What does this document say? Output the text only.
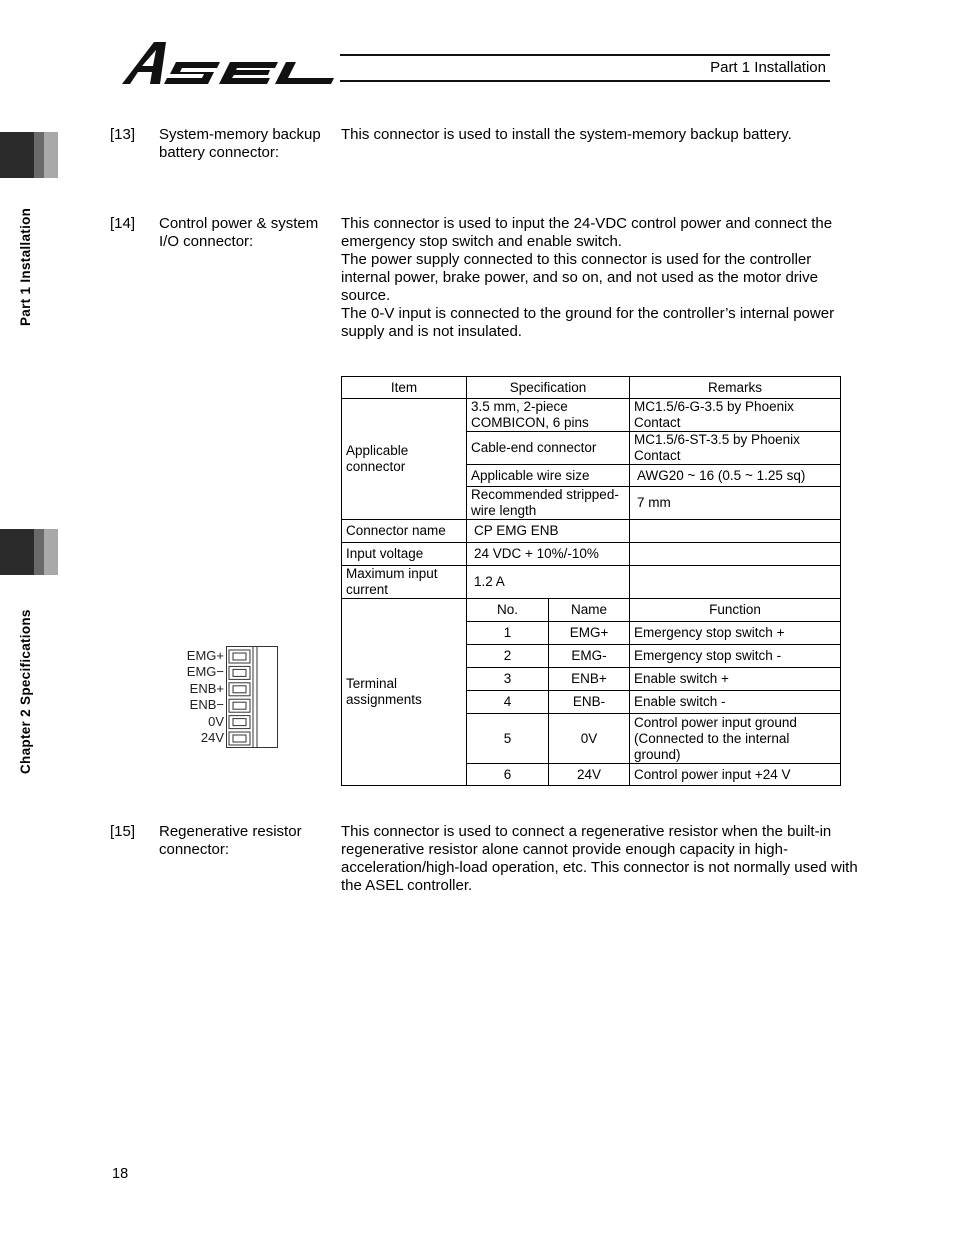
Part 1 Installation
Part 1 Installation
Chapter 2 Specifications
[13] System-memory backup battery connector:

This connector is used to install the system-memory backup battery.

[14] Control power & system I/O connector:

This connector is used to input the 24-VDC control power and connect the emergency stop switch and enable switch.

The power supply connected to this connector is used for the controller internal power, brake power, and so on, and not used as the motor drive source.

The 0-V input is connected to the ground for the controller’s internal power supply and is not insulated.

Item	Specification		Remarks
Applicable connector	3.5 mm, 2-piece COMBICON, 6 pins		MC1.5/6-G-3.5 by Phoenix Contact
	Cable-end connector		MC1.5/6-ST-3.5 by Phoenix Contact
	Applicable wire size		AWG20 ~ 16 (0.5 ~ 1.25 sq)
	Recommended stripped-wire length		7 mm
Connector name	CP EMG ENB		
Input voltage	24 VDC + 10%/-10%		
Maximum input current	1.2 A		
Terminal assignments	No.	Name	Function
	1	EMG+	Emergency stop switch +
	2	EMG-	Emergency stop switch -
	3	ENB+	Enable switch +
	4	ENB-	Enable switch -
	5	0V	Control power input ground (Connected to the internal ground)
	6	24V	Control power input +24 V
EMG+
EMG−
ENB+
ENB−
0V
24V
[15] Regenerative resistor connector:

This connector is used to connect a regenerative resistor when the built-in regenerative resistor alone cannot provide enough capacity in high-acceleration/high-load operation, etc. This connector is not normally used with the ASEL controller.

18
